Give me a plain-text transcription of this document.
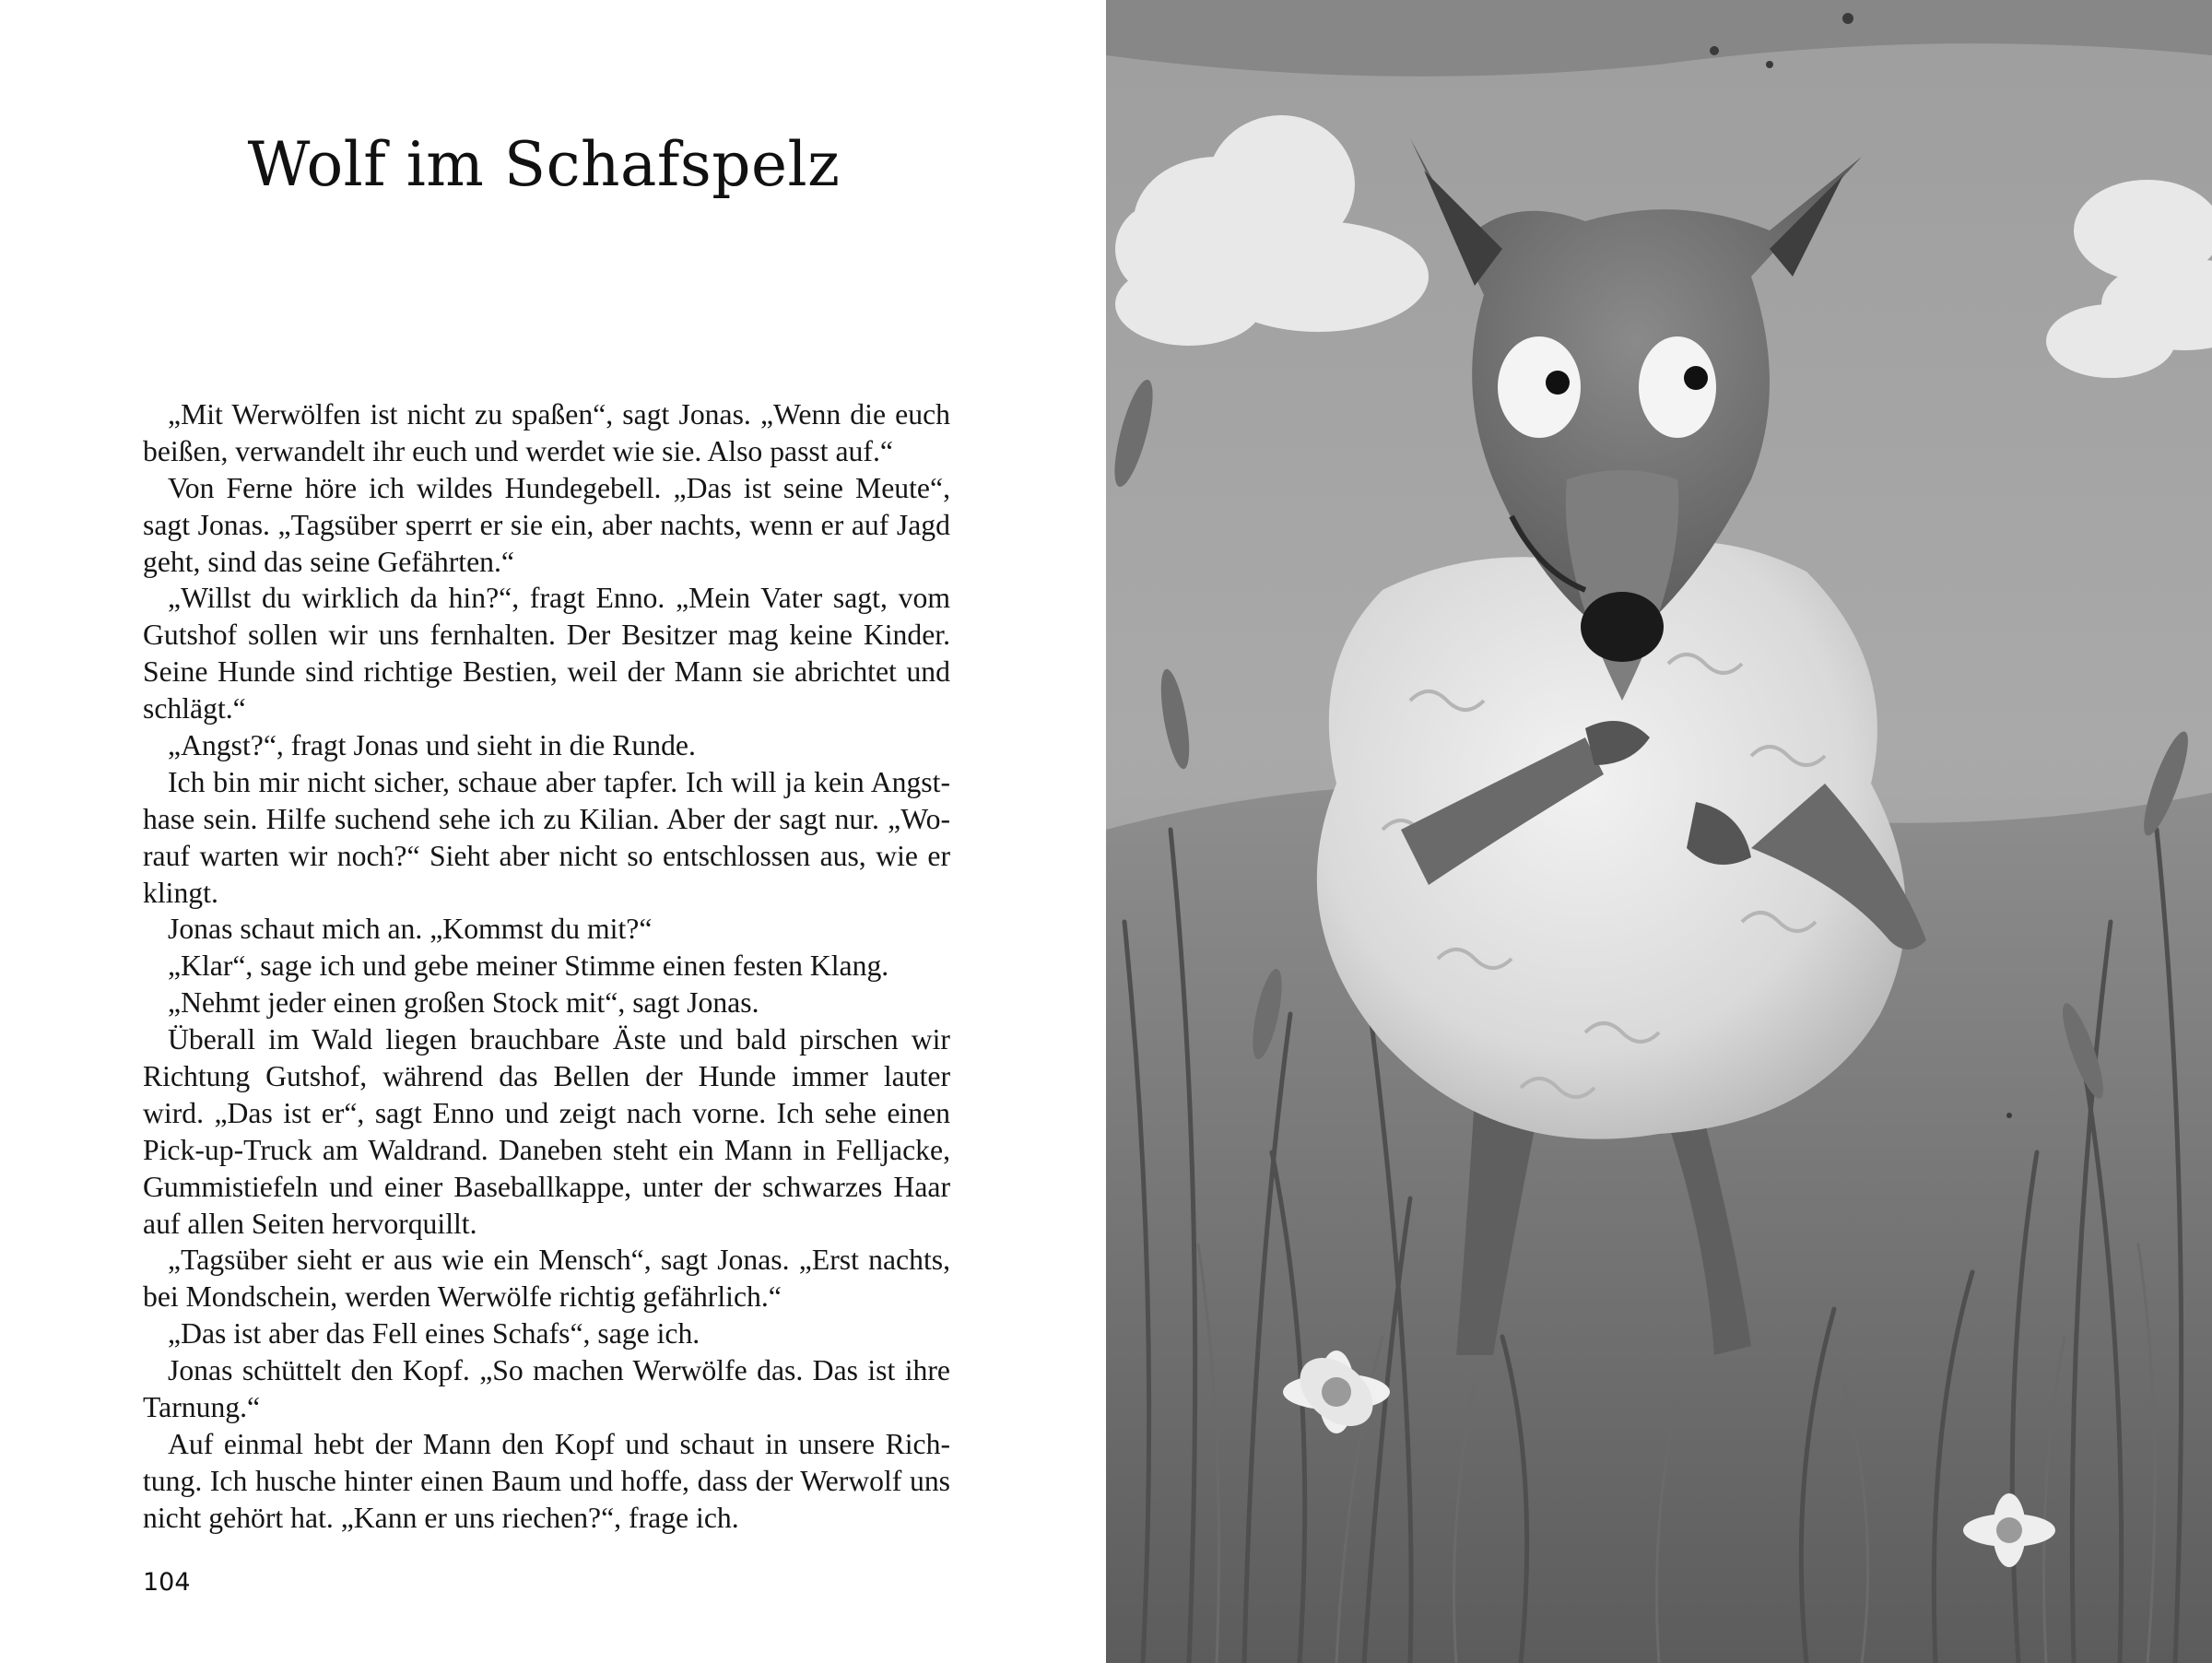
Wolf im Schafspelz
„Mit Werwölfen ist nicht zu spaßen“, sagt Jonas. „Wenn die euch
beißen, verwandelt ihr euch und werdet wie sie. Also passt auf.“
Von Ferne höre ich wildes Hundegebell. „Das ist seine Meute“,
sagt Jonas. „Tagsüber sperrt er sie ein, aber nachts, wenn er auf Jagd
geht, sind das seine Gefährten.“
„Willst du wirklich da hin?“, fragt Enno. „Mein Vater sagt, vom
Gutshof sollen wir uns fernhalten. Der Besitzer mag keine Kinder.
Seine Hunde sind richtige Bestien, weil der Mann sie abrichtet und
schlägt.“
„Angst?“, fragt Jonas und sieht in die Runde.
Ich bin mir nicht sicher, schaue aber tapfer. Ich will ja kein Angst-
hase sein. Hilfe suchend sehe ich zu Kilian. Aber der sagt nur. „Wo-
rauf warten wir noch?“ Sieht aber nicht so entschlossen aus, wie er
klingt.
Jonas schaut mich an. „Kommst du mit?“
„Klar“, sage ich und gebe meiner Stimme einen festen Klang.
„Nehmt jeder einen großen Stock mit“, sagt Jonas.
Überall im Wald liegen brauchbare Äste und bald pirschen wir
Richtung Gutshof, während das Bellen der Hunde immer lauter
wird. „Das ist er“, sagt Enno und zeigt nach vorne. Ich sehe einen
Pick-up-Truck am Waldrand. Daneben steht ein Mann in Felljacke,
Gummistiefeln und einer Baseballkappe, unter der schwarzes Haar
auf allen Seiten hervorquillt.
„Tagsüber sieht er aus wie ein Mensch“, sagt Jonas. „Erst nachts,
bei Mondschein, werden Werwölfe richtig gefährlich.“
„Das ist aber das Fell eines Schafs“, sage ich.
Jonas schüttelt den Kopf. „So machen Werwölfe das. Das ist ihre
Tarnung.“
Auf einmal hebt der Mann den Kopf und schaut in unsere Rich-
tung. Ich husche hinter einen Baum und hoffe, dass der Werwolf uns
nicht gehört hat. „Kann er uns riechen?“, frage ich.

104
